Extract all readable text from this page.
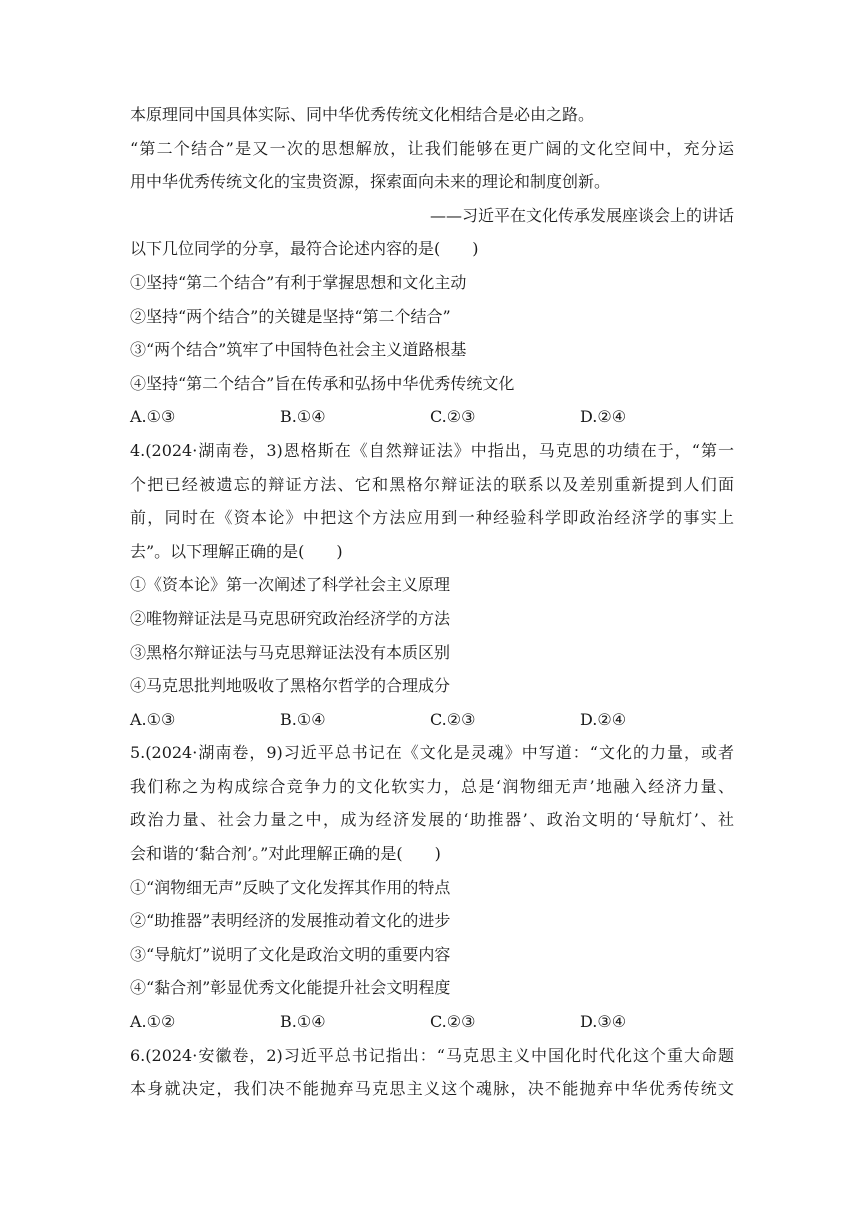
本原理同中国具体实际、同中华优秀传统文化相结合是必由之路。
“第二个结合”是又一次的思想解放，让我们能够在更广阔的文化空间中，充分运
用中华优秀传统文化的宝贵资源，探索面向未来的理论和制度创新。
——习近平在文化传承发展座谈会上的讲话
以下几位同学的分享，最符合论述内容的是(　　)
①坚持“第二个结合”有利于掌握思想和文化主动
②坚持“两个结合”的关键是坚持“第二个结合”
③“两个结合”筑牢了中国特色社会主义道路根基
④坚持“第二个结合”旨在传承和弘扬中华优秀传统文化
A.①③	B.①④	C.②③	D.②④
4.(2024·湖南卷，3)恩格斯在《自然辩证法》中指出，马克思的功绩在于，“第一
个把已经被遗忘的辩证方法、它和黑格尔辩证法的联系以及差别重新提到人们面
前，同时在《资本论》中把这个方法应用到一种经验科学即政治经济学的事实上
去”。以下理解正确的是(　　)
①《资本论》第一次阐述了科学社会主义原理
②唯物辩证法是马克思研究政治经济学的方法
③黑格尔辩证法与马克思辩证法没有本质区别
④马克思批判地吸收了黑格尔哲学的合理成分
A.①③	B.①④	C.②③	D.②④
5.(2024·湖南卷，9)习近平总书记在《文化是灵魂》中写道：“文化的力量，或者
我们称之为构成综合竞争力的文化软实力，总是‘润物细无声’地融入经济力量、
政治力量、社会力量之中，成为经济发展的‘助推器’、政治文明的‘导航灯’、社
会和谐的‘黏合剂’。”对此理解正确的是(　　)
①“润物细无声”反映了文化发挥其作用的特点
②“助推器”表明经济的发展推动着文化的进步
③“导航灯”说明了文化是政治文明的重要内容
④“黏合剂”彰显优秀文化能提升社会文明程度
A.①②	B.①④	C.②③	D.③④
6.(2024·安徽卷，2)习近平总书记指出：“马克思主义中国化时代化这个重大命题
本身就决定，我们决不能抛弃马克思主义这个魂脉，决不能抛弃中华优秀传统文
